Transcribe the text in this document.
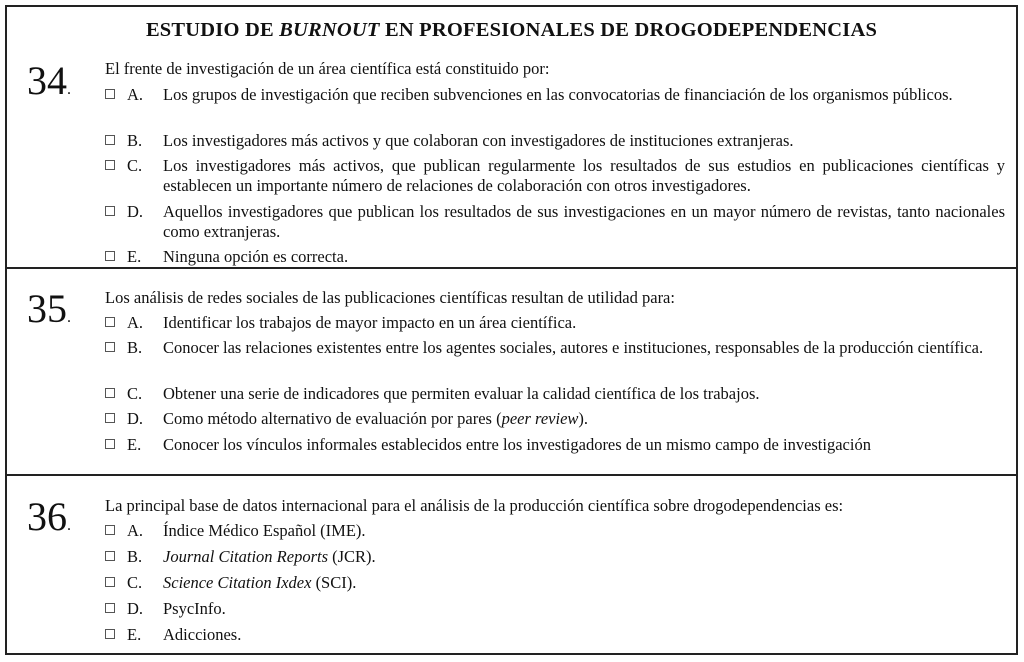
ESTUDIO DE BURNOUT EN PROFESIONALES DE DROGODEPENDENCIAS
34.
El frente de investigación de un área científica está constituido por:
A. Los grupos de investigación que reciben subvenciones en las convocatorias de financiación de los organismos públicos.
B. Los investigadores más activos y que colaboran con investigadores de instituciones extranjeras.
C. Los investigadores más activos, que publican regularmente los resultados de sus estudios en publicaciones científicas y establecen un importante número de relaciones de colaboración con otros investigadores.
D. Aquellos investigadores que publican los resultados de sus investigaciones en un mayor número de revistas, tanto nacionales como extranjeras.
E. Ninguna opción es correcta.
35.
Los análisis de redes sociales de las publicaciones científicas resultan de utilidad para:
A. Identificar los trabajos de mayor impacto en un área científica.
B. Conocer las relaciones existentes entre los agentes sociales, autores e instituciones, responsables de la producción científica.
C. Obtener una serie de indicadores que permiten evaluar la calidad científica de los trabajos.
D. Como método alternativo de evaluación por pares (peer review).
E. Conocer los vínculos informales establecidos entre los investigadores de un mismo campo de investigación
36.
La principal base de datos internacional para el análisis de la producción científica sobre drogodependencias es:
A. Índice Médico Español (IME).
B. Journal Citation Reports (JCR).
C. Science Citation Ixdex (SCI).
D. PsycInfo.
E. Adicciones.
